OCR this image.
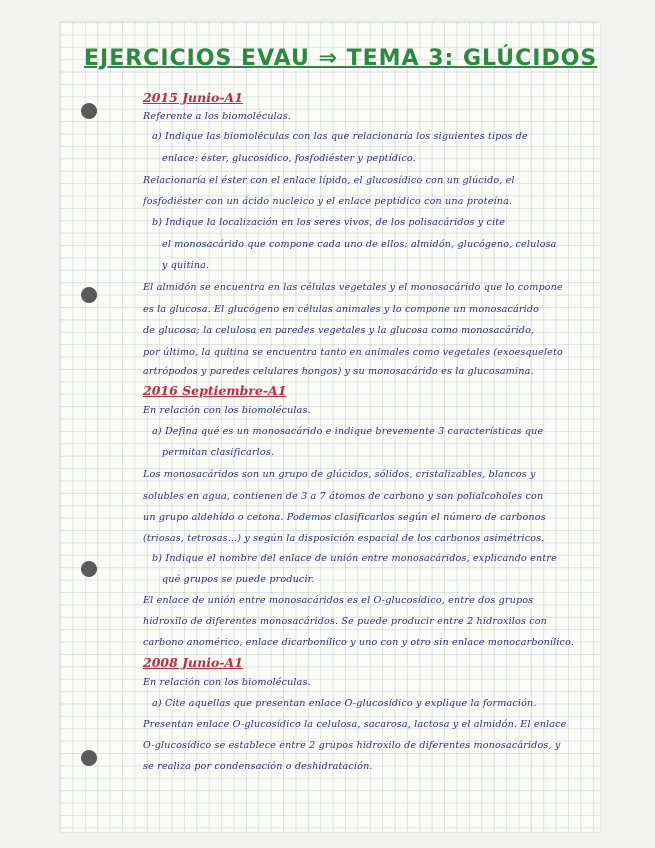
EJERCICIOS EVAU ⇒ TEMA 3: GLÚCIDOS
2015 Junio-A1
Referente a los biomoléculas.
a) Indique las biomoléculas con las que relacionaría los siguientes tipos de
enlace: éster, glucosídico, fosfodiéster y peptídico.
Relacionaría el éster con el enlace lípido, el glucosídico con un glúcido, el
fosfodiéster con un ácido nucleico y el enlace peptídico con una proteína.
b) Indique la localización en los seres vivos, de los polisacáridos y cite
el monosacárido que compone cada uno de ellos: almidón, glucógeno, celulosa
y quitina.
El almidón se encuentra en las células vegetales y el monosacárido que lo compone
es la glucosa. El glucógeno en células animales y lo compone un monosacárido
de glucosa; la celulosa en paredes vegetales y la glucosa como monosacárido,
por último, la quitina se encuentra tanto en animales como vegetales (exoesqueleto
artrópodos y paredes celulares hongos) y su monosacárido es la glucosamina.
2016 Septiembre-A1
En relación con los biomoléculas.
a) Defina qué es un monosacárido e indique brevemente 3 características que
permitan clasificarlos.
Los monosacáridos son un grupo de glúcidos, sólidos, cristalizables, blancos y
solubles en agua, contienen de 3 a 7 átomos de carbono y son polialcoholes con
un grupo aldehído o cetona. Podemos clasificarlos según el número de carbonos
(triosas, tetrosas...) y según la disposición espacial de los carbonos asimétricos.
b) Indique el nombre del enlace de unión entre monosacáridos, explicando entre
qué grupos se puede producir.
El enlace de unión entre monosacáridos es el O-glucosídico, entre dos grupos
hidroxilo de diferentes monosacáridos. Se puede producir entre 2 hidroxilos con
carbono anomérico, enlace dicarbonílico y uno con y otro sin enlace monocarbonílico.
2008 Junio-A1
En relación con los biomoléculas.
a) Cite aquellas que presentan enlace O-glucosídico y explique la formación.
Presentan enlace O-glucosídico la celulosa, sacarosa, lactosa y el almidón. El enlace
O-glucosídico se establece entre 2 grupos hidroxilo de diferentes monosacáridos, y
se realiza por condensación o deshidratación.
